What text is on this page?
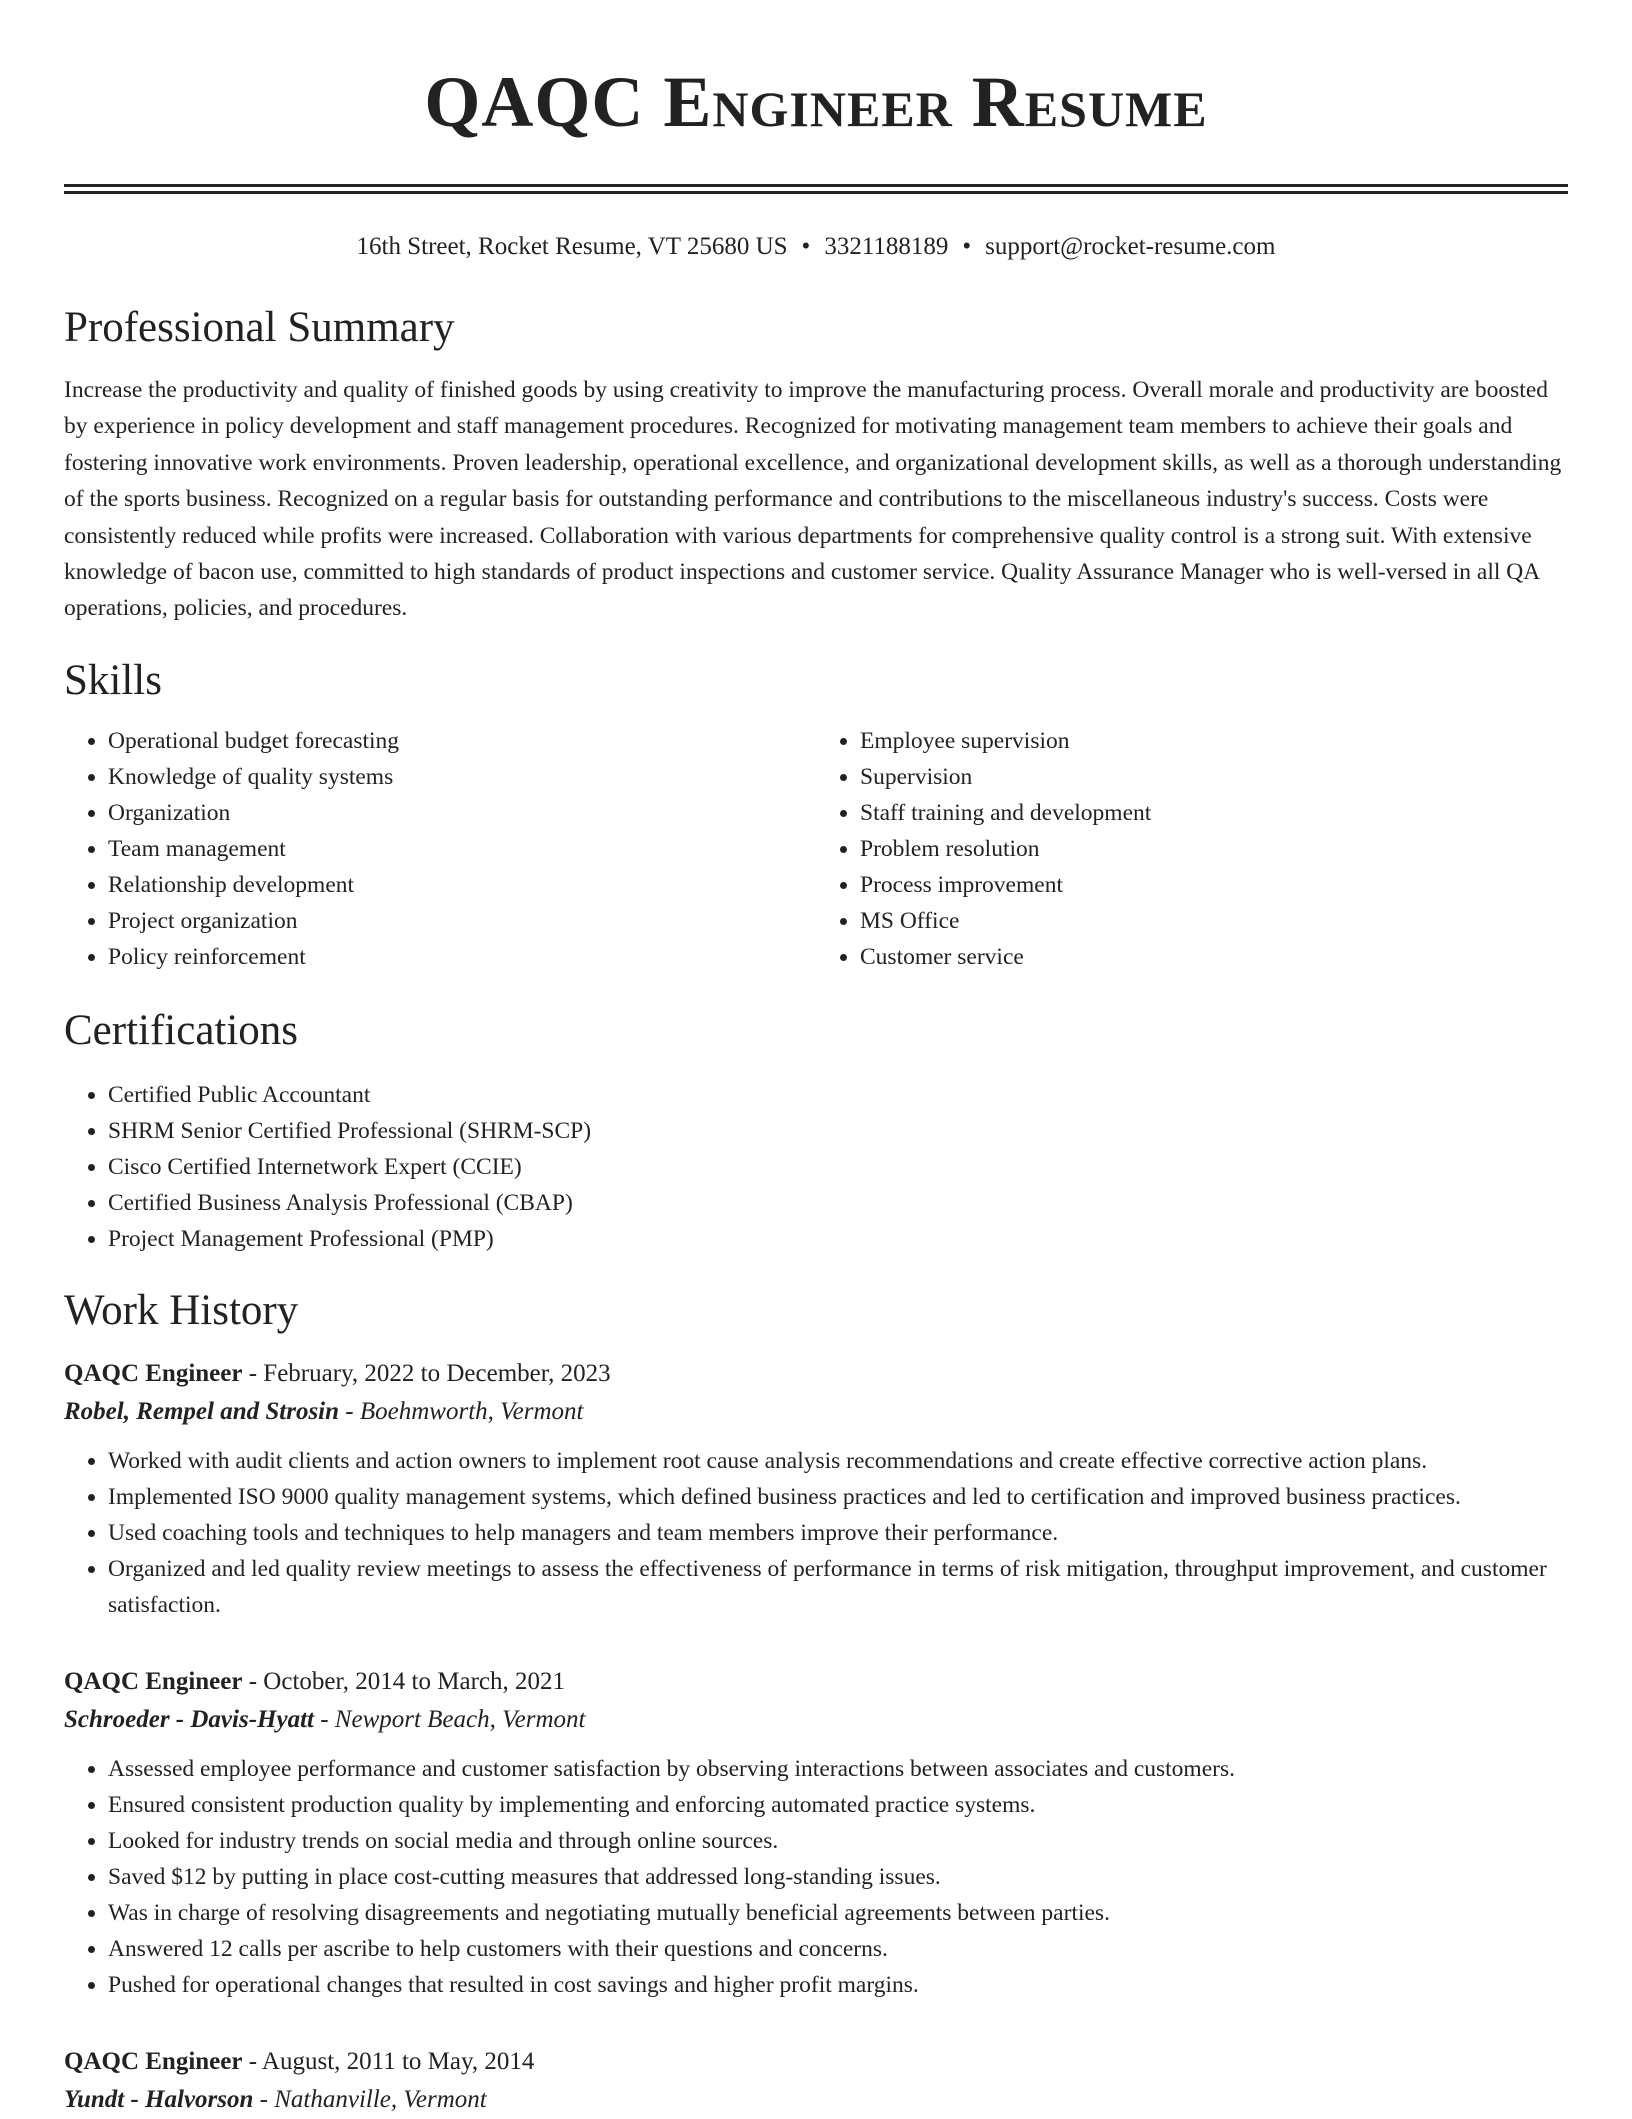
QAQC Engineer Resume
16th Street, Rocket Resume, VT 25680 US • 3321188189 • support@rocket-resume.com
Professional Summary

Increase the productivity and quality of finished goods by using creativity to improve the manufacturing process. Overall morale and productivity are boosted by experience in policy development and staff management procedures. Recognized for motivating management team members to achieve their goals and fostering innovative work environments. Proven leadership, operational excellence, and organizational development skills, as well as a thorough understanding of the sports business. Recognized on a regular basis for outstanding performance and contributions to the miscellaneous industry's success. Costs were consistently reduced while profits were increased. Collaboration with various departments for comprehensive quality control is a strong suit. With extensive knowledge of bacon use, committed to high standards of product inspections and customer service. Quality Assurance Manager who is well-versed in all QA operations, policies, and procedures.

Skills
• Operational budget forecasting
• Knowledge of quality systems
• Organization
• Team management
• Relationship development
• Project organization
• Policy reinforcement
• Employee supervision
• Supervision
• Staff training and development
• Problem resolution
• Process improvement
• MS Office
• Customer service
Certifications
• Certified Public Accountant
• SHRM Senior Certified Professional (SHRM-SCP)
• Cisco Certified Internetwork Expert (CCIE)
• Certified Business Analysis Professional (CBAP)
• Project Management Professional (PMP)
Work History
QAQC Engineer - February, 2022 to December, 2023
Robel, Rempel and Strosin - Boehmworth, Vermont
• Worked with audit clients and action owners to implement root cause analysis recommendations and create effective corrective action plans.
• Implemented ISO 9000 quality management systems, which defined business practices and led to certification and improved business practices.
• Used coaching tools and techniques to help managers and team members improve their performance.
• Organized and led quality review meetings to assess the effectiveness of performance in terms of risk mitigation, throughput improvement, and customer satisfaction.
QAQC Engineer - October, 2014 to March, 2021
Schroeder - Davis-Hyatt - Newport Beach, Vermont
• Assessed employee performance and customer satisfaction by observing interactions between associates and customers.
• Ensured consistent production quality by implementing and enforcing automated practice systems.
• Looked for industry trends on social media and through online sources.
• Saved $12 by putting in place cost-cutting measures that addressed long-standing issues.
• Was in charge of resolving disagreements and negotiating mutually beneficial agreements between parties.
• Answered 12 calls per ascribe to help customers with their questions and concerns.
• Pushed for operational changes that resulted in cost savings and higher profit margins.
QAQC Engineer - August, 2011 to May, 2014
Yundt - Halvorson - Nathanville, Vermont
